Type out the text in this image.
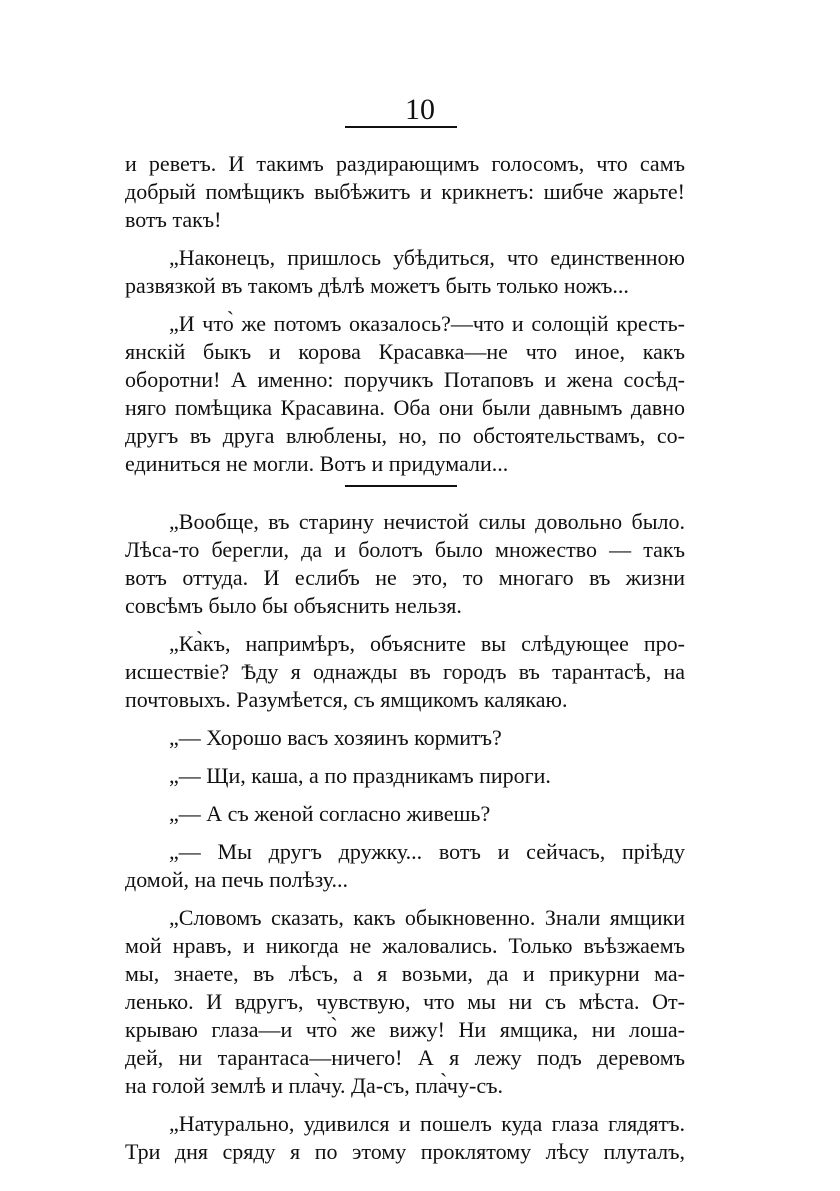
10
и реветъ. И такимъ раздирающимъ голосомъ, что самъ
добрый помѣщикъ выбѣжитъ и крикнетъ: шибче жарьте!
вотъ такъ!
„Наконецъ, пришлось убѣдиться, что единственною
развязкой въ такомъ дѣлѣ можетъ быть только ножъ...
„И что̀ же потомъ оказалось?—что и солощій кресть-
янскій быкъ и корова Красавка—не что иное, какъ
оборотни! А именно: поручикъ Потаповъ и жена сосѣд-
няго помѣщика Красавина. Оба они были давнымъ давно
другъ въ друга влюблены, но, по обстоятельствамъ, со-
единиться не могли. Вотъ и придумали...
„Вообще, въ старину нечистой силы довольно было.
Лѣса-то берегли, да и болотъ было множество — такъ
вотъ оттуда. И еслибъ не это, то многаго въ жизни
совсѣмъ было бы объяснить нельзя.
„Ка̀къ, напримѣръ, объясните вы слѣдующее про-
исшествіе? Ѣду я однажды въ городъ въ тарантасѣ, на
почтовыхъ. Разумѣется, съ ямщикомъ калякаю.
„— Хорошо васъ хозяинъ кормитъ?
„— Щи, каша, а по праздникамъ пироги.
„— А съ женой согласно живешь?
„— Мы другъ дружку... вотъ и сейчасъ, пріѣду
домой, на печь полѣзу...
„Словомъ сказать, какъ обыкновенно. Знали ямщики
мой нравъ, и никогда не жаловались. Только въѣзжаемъ
мы, знаете, въ лѣсъ, а я возьми, да и прикурни ма-
ленько. И вдругъ, чувствую, что мы ни съ мѣста. От-
крываю глаза—и что̀ же вижу! Ни ямщика, ни лоша-
дей, ни тарантаса—ничего! А я лежу подъ деревомъ
на голой землѣ и пла̀чу. Да-съ, пла̀чу-съ.
„Натурально, удивился и пошелъ куда глаза глядятъ.
Три дня сряду я по этому проклятому лѣсу плуталъ,
